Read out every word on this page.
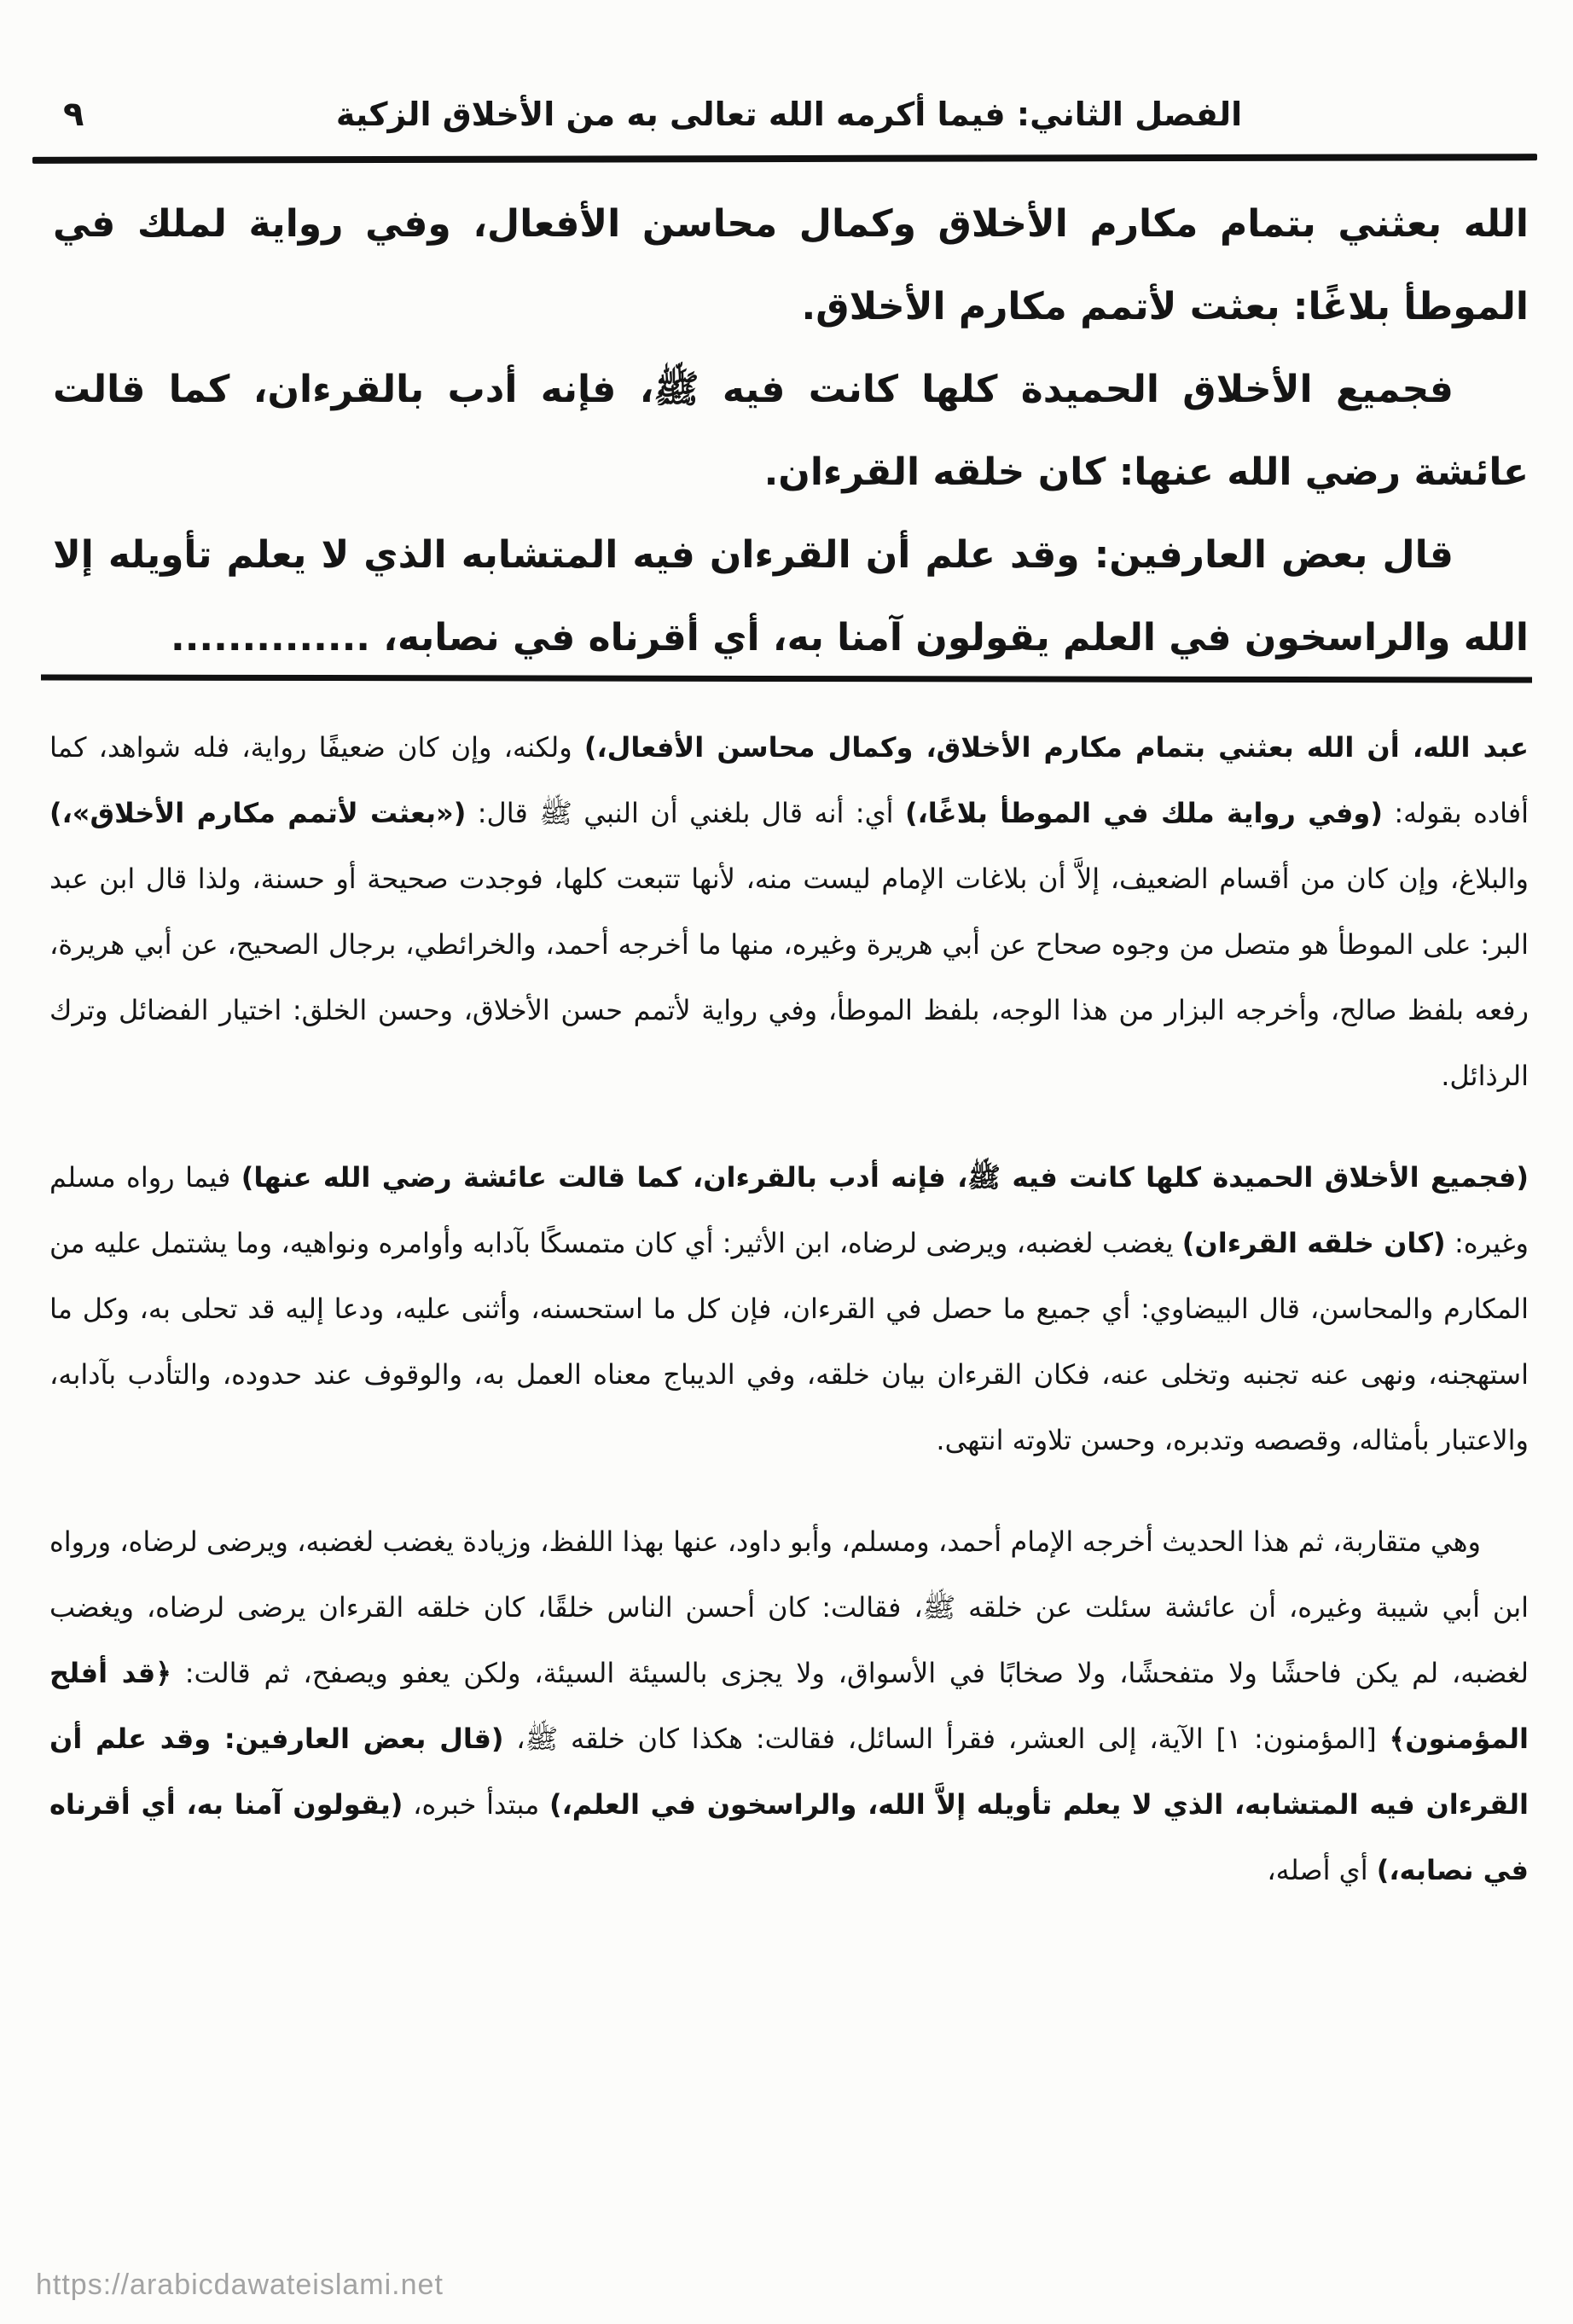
الفصل الثاني: فيما أكرمه الله تعالى به من الأخلاق الزكية
٩

الله بعثني بتمام مكارم الأخلاق وكمال محاسن الأفعال، وفي رواية لملك في الموطأ بلاغًا: بعثت لأتمم مكارم الأخلاق.

فجميع الأخلاق الحميدة كلها كانت فيه ﷺ، فإنه أدب بالقرءان، كما قالت عائشة رضي الله عنها: كان خلقه القرءان.

قال بعض العارفين: وقد علم أن القرءان فيه المتشابه الذي لا يعلم تأويله إلا الله والراسخون في العلم يقولون آمنا به، أي أقرناه في نصابه، ..............

عبد الله، أن الله بعثني بتمام مكارم الأخلاق، وكمال محاسن الأفعال،) ولكنه، وإن كان ضعيفًا رواية، فله شواهد، كما أفاده بقوله: (وفي رواية ملك في الموطأ بلاغًا،) أي: أنه قال بلغني أن النبي ﷺ قال: («بعثت لأتمم مكارم الأخلاق»،) والبلاغ، وإن كان من أقسام الضعيف، إلاَّ أن بلاغات الإمام ليست منه، لأنها تتبعت كلها، فوجدت صحيحة أو حسنة، ولذا قال ابن عبد البر: على الموطأ هو متصل من وجوه صحاح عن أبي هريرة وغيره، منها ما أخرجه أحمد، والخرائطي، برجال الصحيح، عن أبي هريرة، رفعه بلفظ صالح، وأخرجه البزار من هذا الوجه، بلفظ الموطأ، وفي رواية لأتمم حسن الأخلاق، وحسن الخلق: اختيار الفضائل وترك الرذائل.

(فجميع الأخلاق الحميدة كلها كانت فيه ﷺ، فإنه أدب بالقرءان، كما قالت عائشة رضي الله عنها) فيما رواه مسلم وغيره: (كان خلقه القرءان) يغضب لغضبه، ويرضى لرضاه، ابن الأثير: أي كان متمسكًا بآدابه وأوامره ونواهيه، وما يشتمل عليه من المكارم والمحاسن، قال البيضاوي: أي جميع ما حصل في القرءان، فإن كل ما استحسنه، وأثنى عليه، ودعا إليه قد تحلى به، وكل ما استهجنه، ونهى عنه تجنبه وتخلى عنه، فكان القرءان بيان خلقه، وفي الديباج معناه العمل به، والوقوف عند حدوده، والتأدب بآدابه، والاعتبار بأمثاله، وقصصه وتدبره، وحسن تلاوته انتهى.

وهي متقاربة، ثم هذا الحديث أخرجه الإمام أحمد، ومسلم، وأبو داود، عنها بهذا اللفظ، وزيادة يغضب لغضبه، ويرضى لرضاه، ورواه ابن أبي شيبة وغيره، أن عائشة سئلت عن خلقه ﷺ، فقالت: كان أحسن الناس خلقًا، كان خلقه القرءان يرضى لرضاه، ويغضب لغضبه، لم يكن فاحشًا ولا متفحشًا، ولا صخابًا في الأسواق، ولا يجزى بالسيئة السيئة، ولكن يعفو ويصفح، ثم قالت: ﴿قد أفلح المؤمنون﴾ [المؤمنون: ١] الآية، إلى العشر، فقرأ السائل، فقالت: هكذا كان خلقه ﷺ، (قال بعض العارفين: وقد علم أن القرءان فيه المتشابه، الذي لا يعلم تأويله إلاَّ الله، والراسخون في العلم،) مبتدأ خبره، (يقولون آمنا به، أي أقرناه في نصابه،) أي أصله،

https://arabicdawateislami.net
